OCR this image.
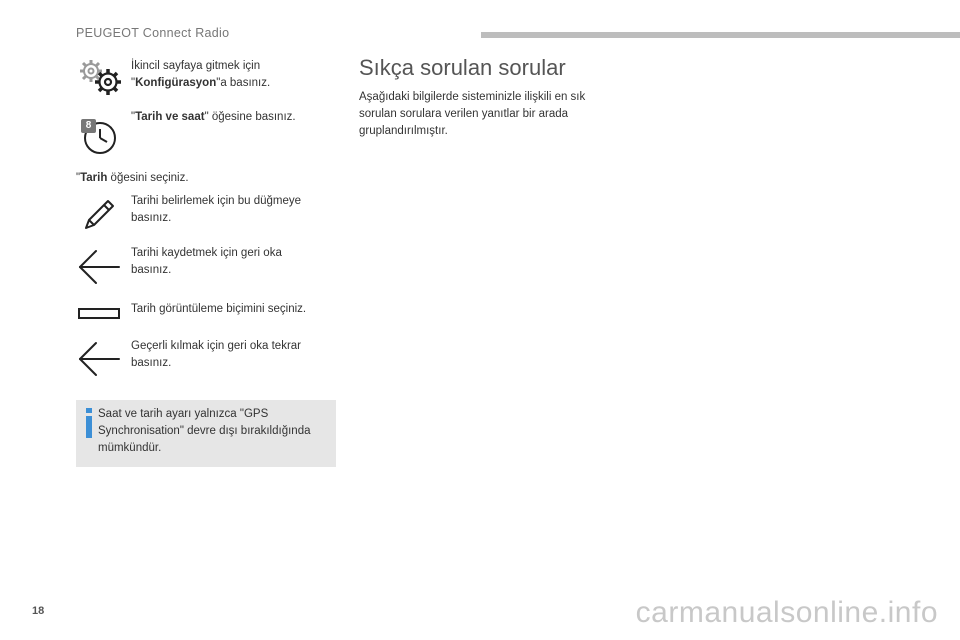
PEUGEOT Connect Radio
İkincil sayfaya gitmek için
"Konfigürasyon"a basınız.
8
"Tarih ve saat" öğesine basınız.
"Tarih öğesini seçiniz.
Tarihi belirlemek için bu düğmeye basınız.
Tarihi kaydetmek için geri oka basınız.
Tarih görüntüleme biçimini seçiniz.
Geçerli kılmak için geri oka tekrar basınız.
Saat ve tarih ayarı yalnızca "GPS Synchronisation" devre dışı bırakıldığında mümkündür.
Sıkça sorulan sorular
Aşağıdaki bilgilerde sisteminizle ilişkili en sık sorulan sorulara verilen yanıtlar bir arada gruplandırılmıştır.
18	carmanualsonline.info
